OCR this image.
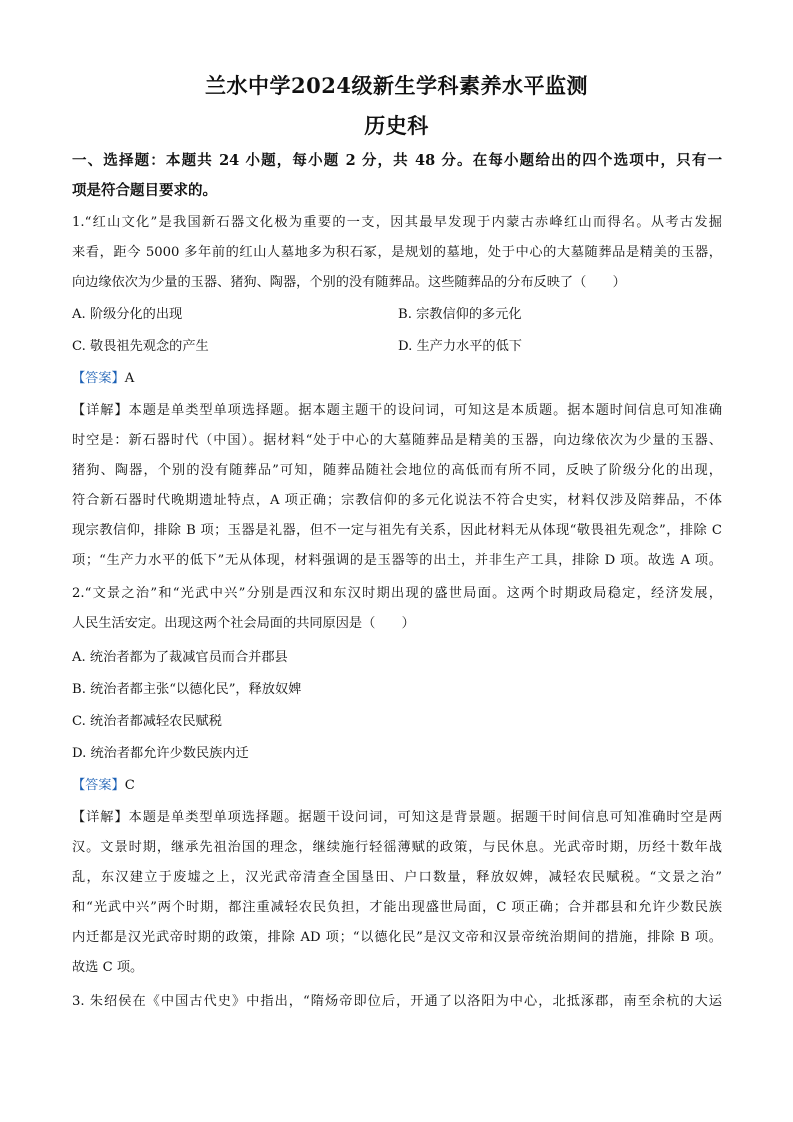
兰水中学2024级新生学科素养水平监测
历史科
一、选择题：本题共 24 小题，每小题 2 分，共 48 分。在每小题给出的四个选项中，只有一
项是符合题目要求的。
1.“红山文化”是我国新石器文化极为重要的一支，因其最早发现于内蒙古赤峰红山而得名。从考古发掘
来看，距今 5000 多年前的红山人墓地多为积石冢，是规划的墓地，处于中心的大墓随葬品是精美的玉器，
向边缘依次为少量的玉器、猪狗、陶器，个别的没有随葬品。这些随葬品的分布反映了（　　）
A. 阶级分化的出现	B. 宗教信仰的多元化
C. 敬畏祖先观念的产生	D. 生产力水平的低下
【答案】A
【详解】本题是单类型单项选择题。据本题主题干的设问词，可知这是本质题。据本题时间信息可知准确
时空是：新石器时代（中国）。据材料“处于中心的大墓随葬品是精美的玉器，向边缘依次为少量的玉器、
猪狗、陶器，个别的没有随葬品”可知，随葬品随社会地位的高低而有所不同，反映了阶级分化的出现，
符合新石器时代晚期遗址特点，A 项正确；宗教信仰的多元化说法不符合史实，材料仅涉及陪葬品，不体
现宗教信仰，排除 B 项；玉器是礼器，但不一定与祖先有关系，因此材料无从体现“敬畏祖先观念”，排除 C
项；“生产力水平的低下”无从体现，材料强调的是玉器等的出土，并非生产工具，排除 D 项。故选 A 项。
2.“文景之治”和“光武中兴”分别是西汉和东汉时期出现的盛世局面。这两个时期政局稳定，经济发展，
人民生活安定。出现这两个社会局面的共同原因是（　　）
A. 统治者都为了裁减官员而合并郡县
B. 统治者都主张“以德化民”，释放奴婢
C. 统治者都减轻农民赋税
D. 统治者都允许少数民族内迁
【答案】C
【详解】本题是单类型单项选择题。据题干设问词，可知这是背景题。据题干时间信息可知准确时空是两
汉。文景时期，继承先祖治国的理念，继续施行轻徭薄赋的政策，与民休息。光武帝时期，历经十数年战
乱，东汉建立于废墟之上，汉光武帝清查全国垦田、户口数量，释放奴婢，减轻农民赋税。“文景之治”
和“光武中兴”两个时期，都注重减轻农民负担，才能出现盛世局面，C 项正确；合并郡县和允许少数民族
内迁都是汉光武帝时期的政策，排除 AD 项；“以德化民”是汉文帝和汉景帝统治期间的措施，排除 B 项。
故选 C 项。
3. 朱绍侯在《中国古代史》中指出，“隋炀帝即位后，开通了以洛阳为中心，北抵涿郡，南至余杭的大运
